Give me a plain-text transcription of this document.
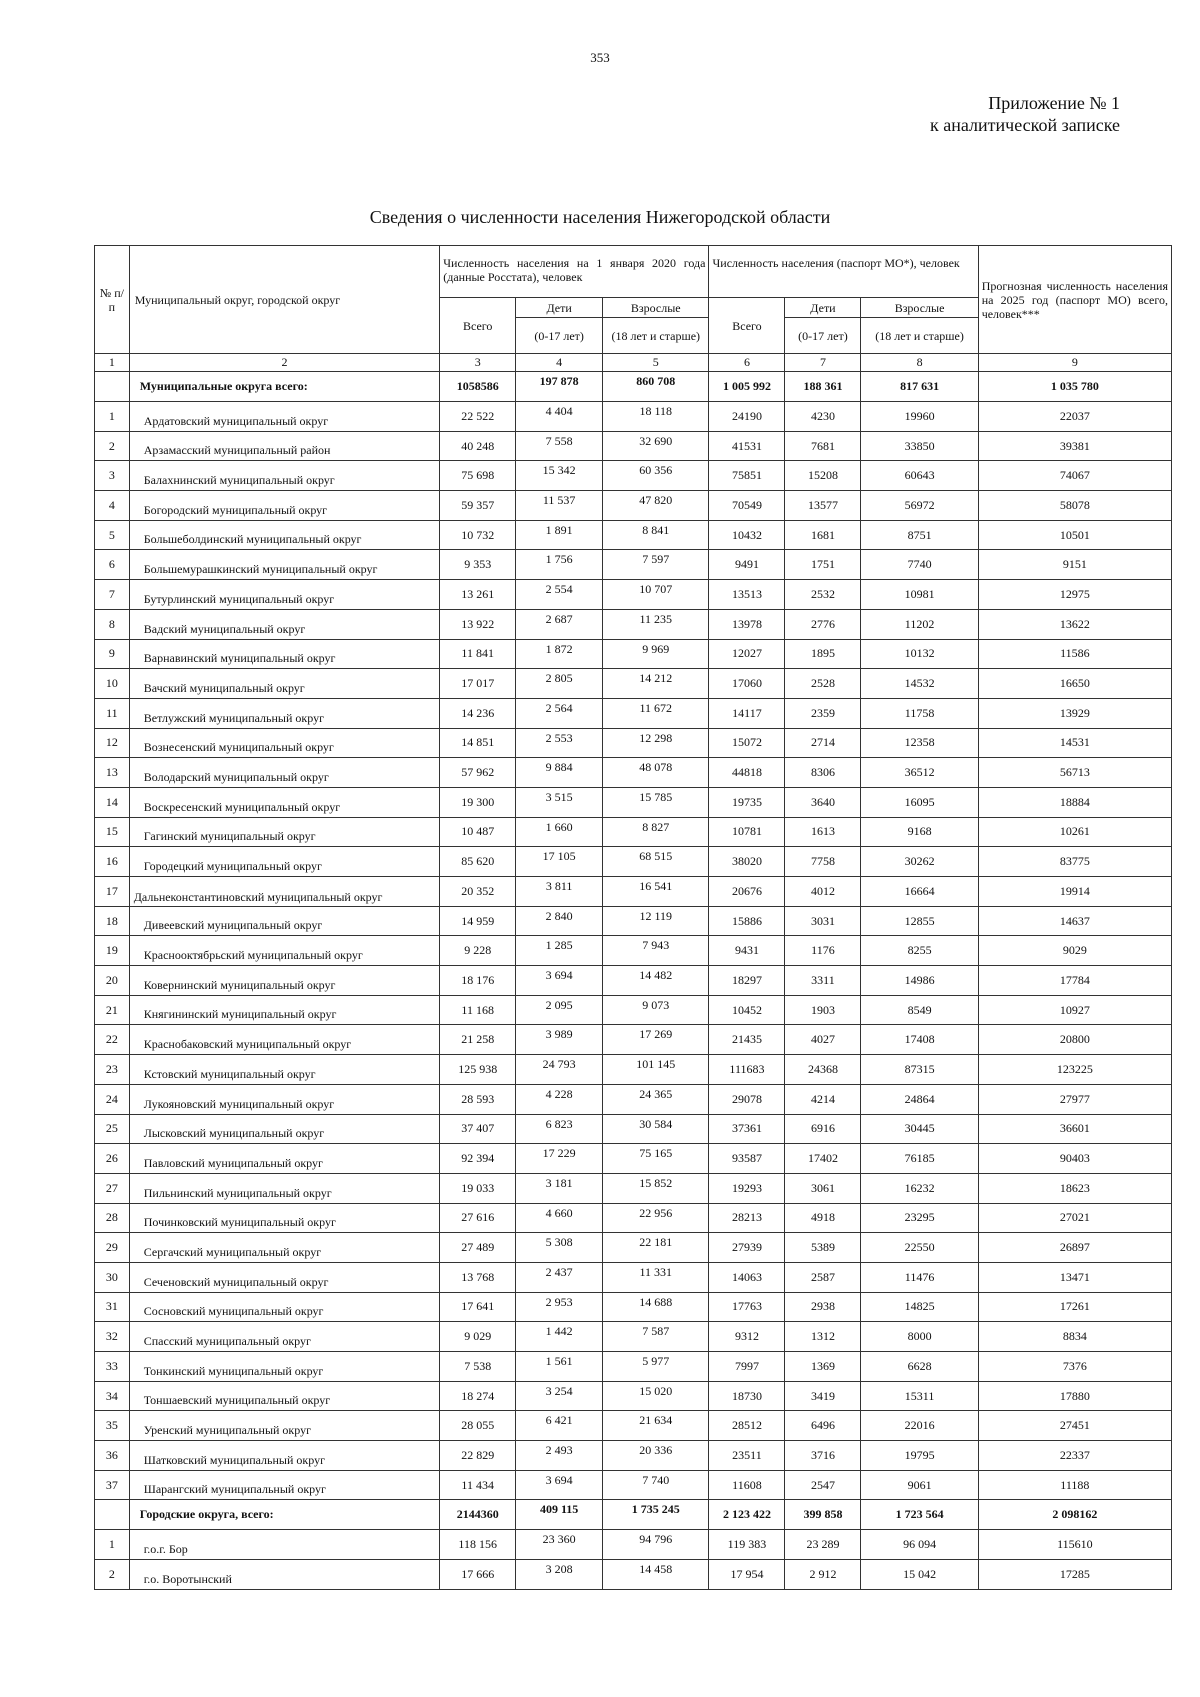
353
Приложение № 1
к аналитической записке
Сведения о численности населения Нижегородской области
№ п/п	Муниципальный округ, городской округ	Численность населения на 1 января 2020 года (данные Росстата), человек			Численность населения (паспорт МО*), человек			Прогнозная численность населения на 2025 год (паспорт МО) всего, человек***
		Всего	Дети	Взрослые	Всего	Дети	Взрослые	
			(0-17 лет)	(18 лет и старше)		(0-17 лет)	(18 лет и старше)	
1	2	3	4	5	6	7	8	9
	Муниципальные округа всего:	1058586	197 878	860 708	1 005 992	188 361	817 631	1 035 780
1	Ардатовский муниципальный округ	22 522	4 404	18 118	24190	4230	19960	22037
2	Арзамасский муниципальный район	40 248	7 558	32 690	41531	7681	33850	39381
3	Балахнинский муниципальный округ	75 698	15 342	60 356	75851	15208	60643	74067
4	Богородский муниципальный округ	59 357	11 537	47 820	70549	13577	56972	58078
5	Большеболдинский муниципальный округ	10 732	1 891	8 841	10432	1681	8751	10501
6	Большемурашкинский муниципальный округ	9 353	1 756	7 597	9491	1751	7740	9151
7	Бутурлинский муниципальный округ	13 261	2 554	10 707	13513	2532	10981	12975
8	Вадский муниципальный округ	13 922	2 687	11 235	13978	2776	11202	13622
9	Варнавинский муниципальный округ	11 841	1 872	9 969	12027	1895	10132	11586
10	Вачский муниципальный округ	17 017	2 805	14 212	17060	2528	14532	16650
11	Ветлужский муниципальный округ	14 236	2 564	11 672	14117	2359	11758	13929
12	Вознесенский муниципальный округ	14 851	2 553	12 298	15072	2714	12358	14531
13	Володарский муниципальный округ	57 962	9 884	48 078	44818	8306	36512	56713
14	Воскресенский муниципальный округ	19 300	3 515	15 785	19735	3640	16095	18884
15	Гагинский муниципальный округ	10 487	1 660	8 827	10781	1613	9168	10261
16	Городецкий муниципальный округ	85 620	17 105	68 515	38020	7758	30262	83775
17	Дальнеконстантиновский муниципальный округ	20 352	3 811	16 541	20676	4012	16664	19914
18	Дивеевский муниципальный округ	14 959	2 840	12 119	15886	3031	12855	14637
19	Краснооктябрьский муниципальный округ	9 228	1 285	7 943	9431	1176	8255	9029
20	Ковернинский муниципальный округ	18 176	3 694	14 482	18297	3311	14986	17784
21	Княгининский муниципальный округ	11 168	2 095	9 073	10452	1903	8549	10927
22	Краснобаковский муниципальный округ	21 258	3 989	17 269	21435	4027	17408	20800
23	Кстовский муниципальный округ	125 938	24 793	101 145	111683	24368	87315	123225
24	Лукояновский муниципальный округ	28 593	4 228	24 365	29078	4214	24864	27977
25	Лысковский муниципальный округ	37 407	6 823	30 584	37361	6916	30445	36601
26	Павловский муниципальный округ	92 394	17 229	75 165	93587	17402	76185	90403
27	Пильнинский муниципальный округ	19 033	3 181	15 852	19293	3061	16232	18623
28	Починковский муниципальный округ	27 616	4 660	22 956	28213	4918	23295	27021
29	Сергачский муниципальный округ	27 489	5 308	22 181	27939	5389	22550	26897
30	Сеченовский муниципальный округ	13 768	2 437	11 331	14063	2587	11476	13471
31	Сосновский муниципальный округ	17 641	2 953	14 688	17763	2938	14825	17261
32	Спасский муниципальный округ	9 029	1 442	7 587	9312	1312	8000	8834
33	Тонкинский муниципальный округ	7 538	1 561	5 977	7997	1369	6628	7376
34	Тоншаевский муниципальный округ	18 274	3 254	15 020	18730	3419	15311	17880
35	Уренский муниципальный округ	28 055	6 421	21 634	28512	6496	22016	27451
36	Шатковский муниципальный округ	22 829	2 493	20 336	23511	3716	19795	22337
37	Шарангский муниципальный округ	11 434	3 694	7 740	11608	2547	9061	11188
	Городские округа, всего:	2144360	409 115	1 735 245	2 123 422	399 858	1 723 564	2 098162
1	г.о.г. Бор	118 156	23 360	94 796	119 383	23 289	96 094	115610
2	г.о. Воротынский	17 666	3 208	14 458	17 954	2 912	15 042	17285
